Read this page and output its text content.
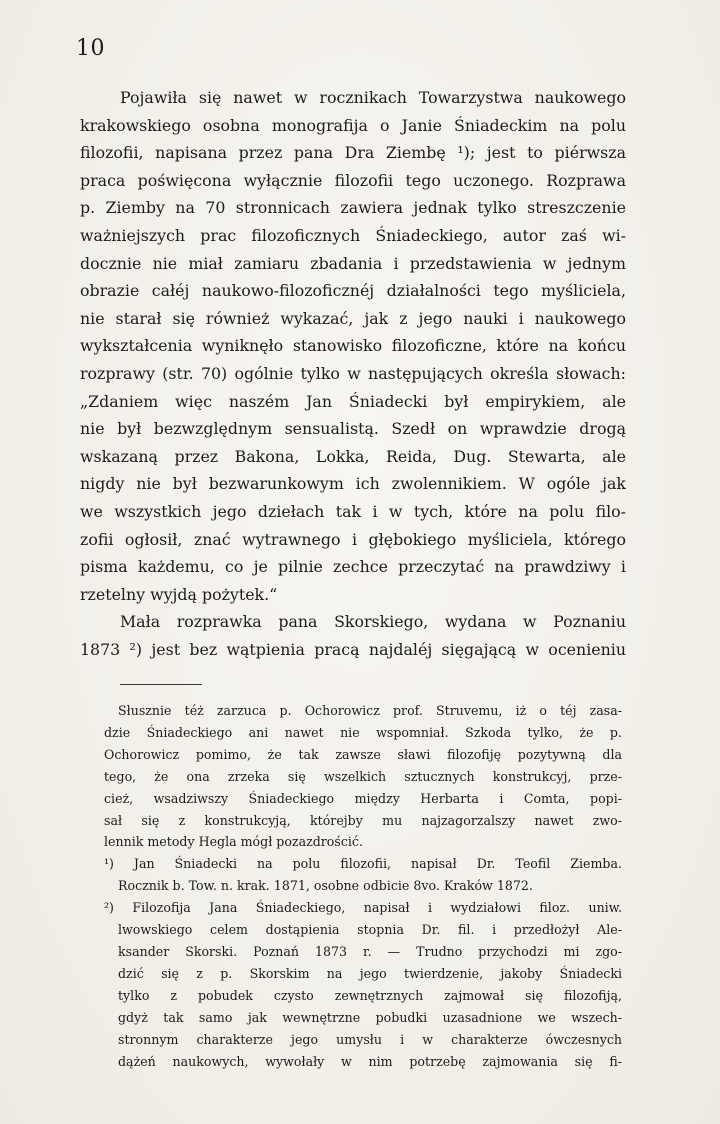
10
Pojawiła się nawet w rocznikach Towarzystwa naukowego
krakowskiego osobna monografija o Janie Śniadeckim na polu
filozofii, napisana przez pana Dra Ziembę ¹); jest to piérwsza
praca poświęcona wyłącznie filozofii tego uczonego. Rozprawa
p. Ziemby na 70 stronnicach zawiera jednak tylko streszczenie
ważniejszych prac filozoficznych Śniadeckiego, autor zaś wi-
docznie nie miał zamiaru zbadania i przedstawienia w jednym
obrazie całéj naukowo-filozoficznéj działalności tego myśliciela,
nie starał się również wykazać, jak z jego nauki i naukowego
wykształcenia wyniknęło stanowisko filozoficzne, które na końcu
rozprawy (str. 70) ogólnie tylko w następujących określa słowach:
„Zdaniem więc naszém Jan Śniadecki był empirykiem, ale
nie był bezwzględnym sensualistą. Szedł on wprawdzie drogą
wskazaną przez Bakona, Lokka, Reida, Dug. Stewarta, ale
nigdy nie był bezwarunkowym ich zwolennikiem. W ogóle jak
we wszystkich jego dziełach tak i w tych, które na polu filo-
zofii ogłosił, znać wytrawnego i głębokiego myśliciela, którego
pisma każdemu, co je pilnie zechce przeczytać na prawdziwy i
rzetelny wyjdą pożytek.“
Mała rozprawka pana Skorskiego, wydana w Poznaniu
1873 ²) jest bez wątpienia pracą najdaléj sięgającą w ocenieniu
Słusznie téż zarzuca p. Ochorowicz prof. Struvemu, iż o téj zasa-
dzie Śniadeckiego ani nawet nie wspomniał. Szkoda tylko, że p.
Ochorowicz pomimo, że tak zawsze sławi filozofiję pozytywną dla
tego, że ona zrzeka się wszelkich sztucznych konstrukcyj, prze-
cież, wsadziwszy Śniadeckiego między Herbarta i Comta, popi-
sał się z konstrukcyją, którejby mu najzagorzalszy nawet zwo-
lennik metody Hegla mógł pozazdrościć.
¹) Jan Śniadecki na polu filozofii, napisał Dr. Teofil Ziemba.
Rocznik b. Tow. n. krak. 1871, osobne odbicie 8vo. Kraków 1872.
²) Filozofija Jana Śniadeckiego, napisał i wydziałowi filoz. uniw.
lwowskiego celem dostąpienia stopnia Dr. fil. i przedłożył Ale-
ksander Skorski. Poznań 1873 r. — Trudno przychodzi mi zgo-
dzić się z p. Skorskim na jego twierdzenie, jakoby Śniadecki
tylko z pobudek czysto zewnętrznych zajmował się filozofiją,
gdyż tak samo jak wewnętrzne pobudki uzasadnione we wszech-
stronnym charakterze jego umysłu i w charakterze ówczesnych
dążeń naukowych, wywołały w nim potrzebę zajmowania się fi-
